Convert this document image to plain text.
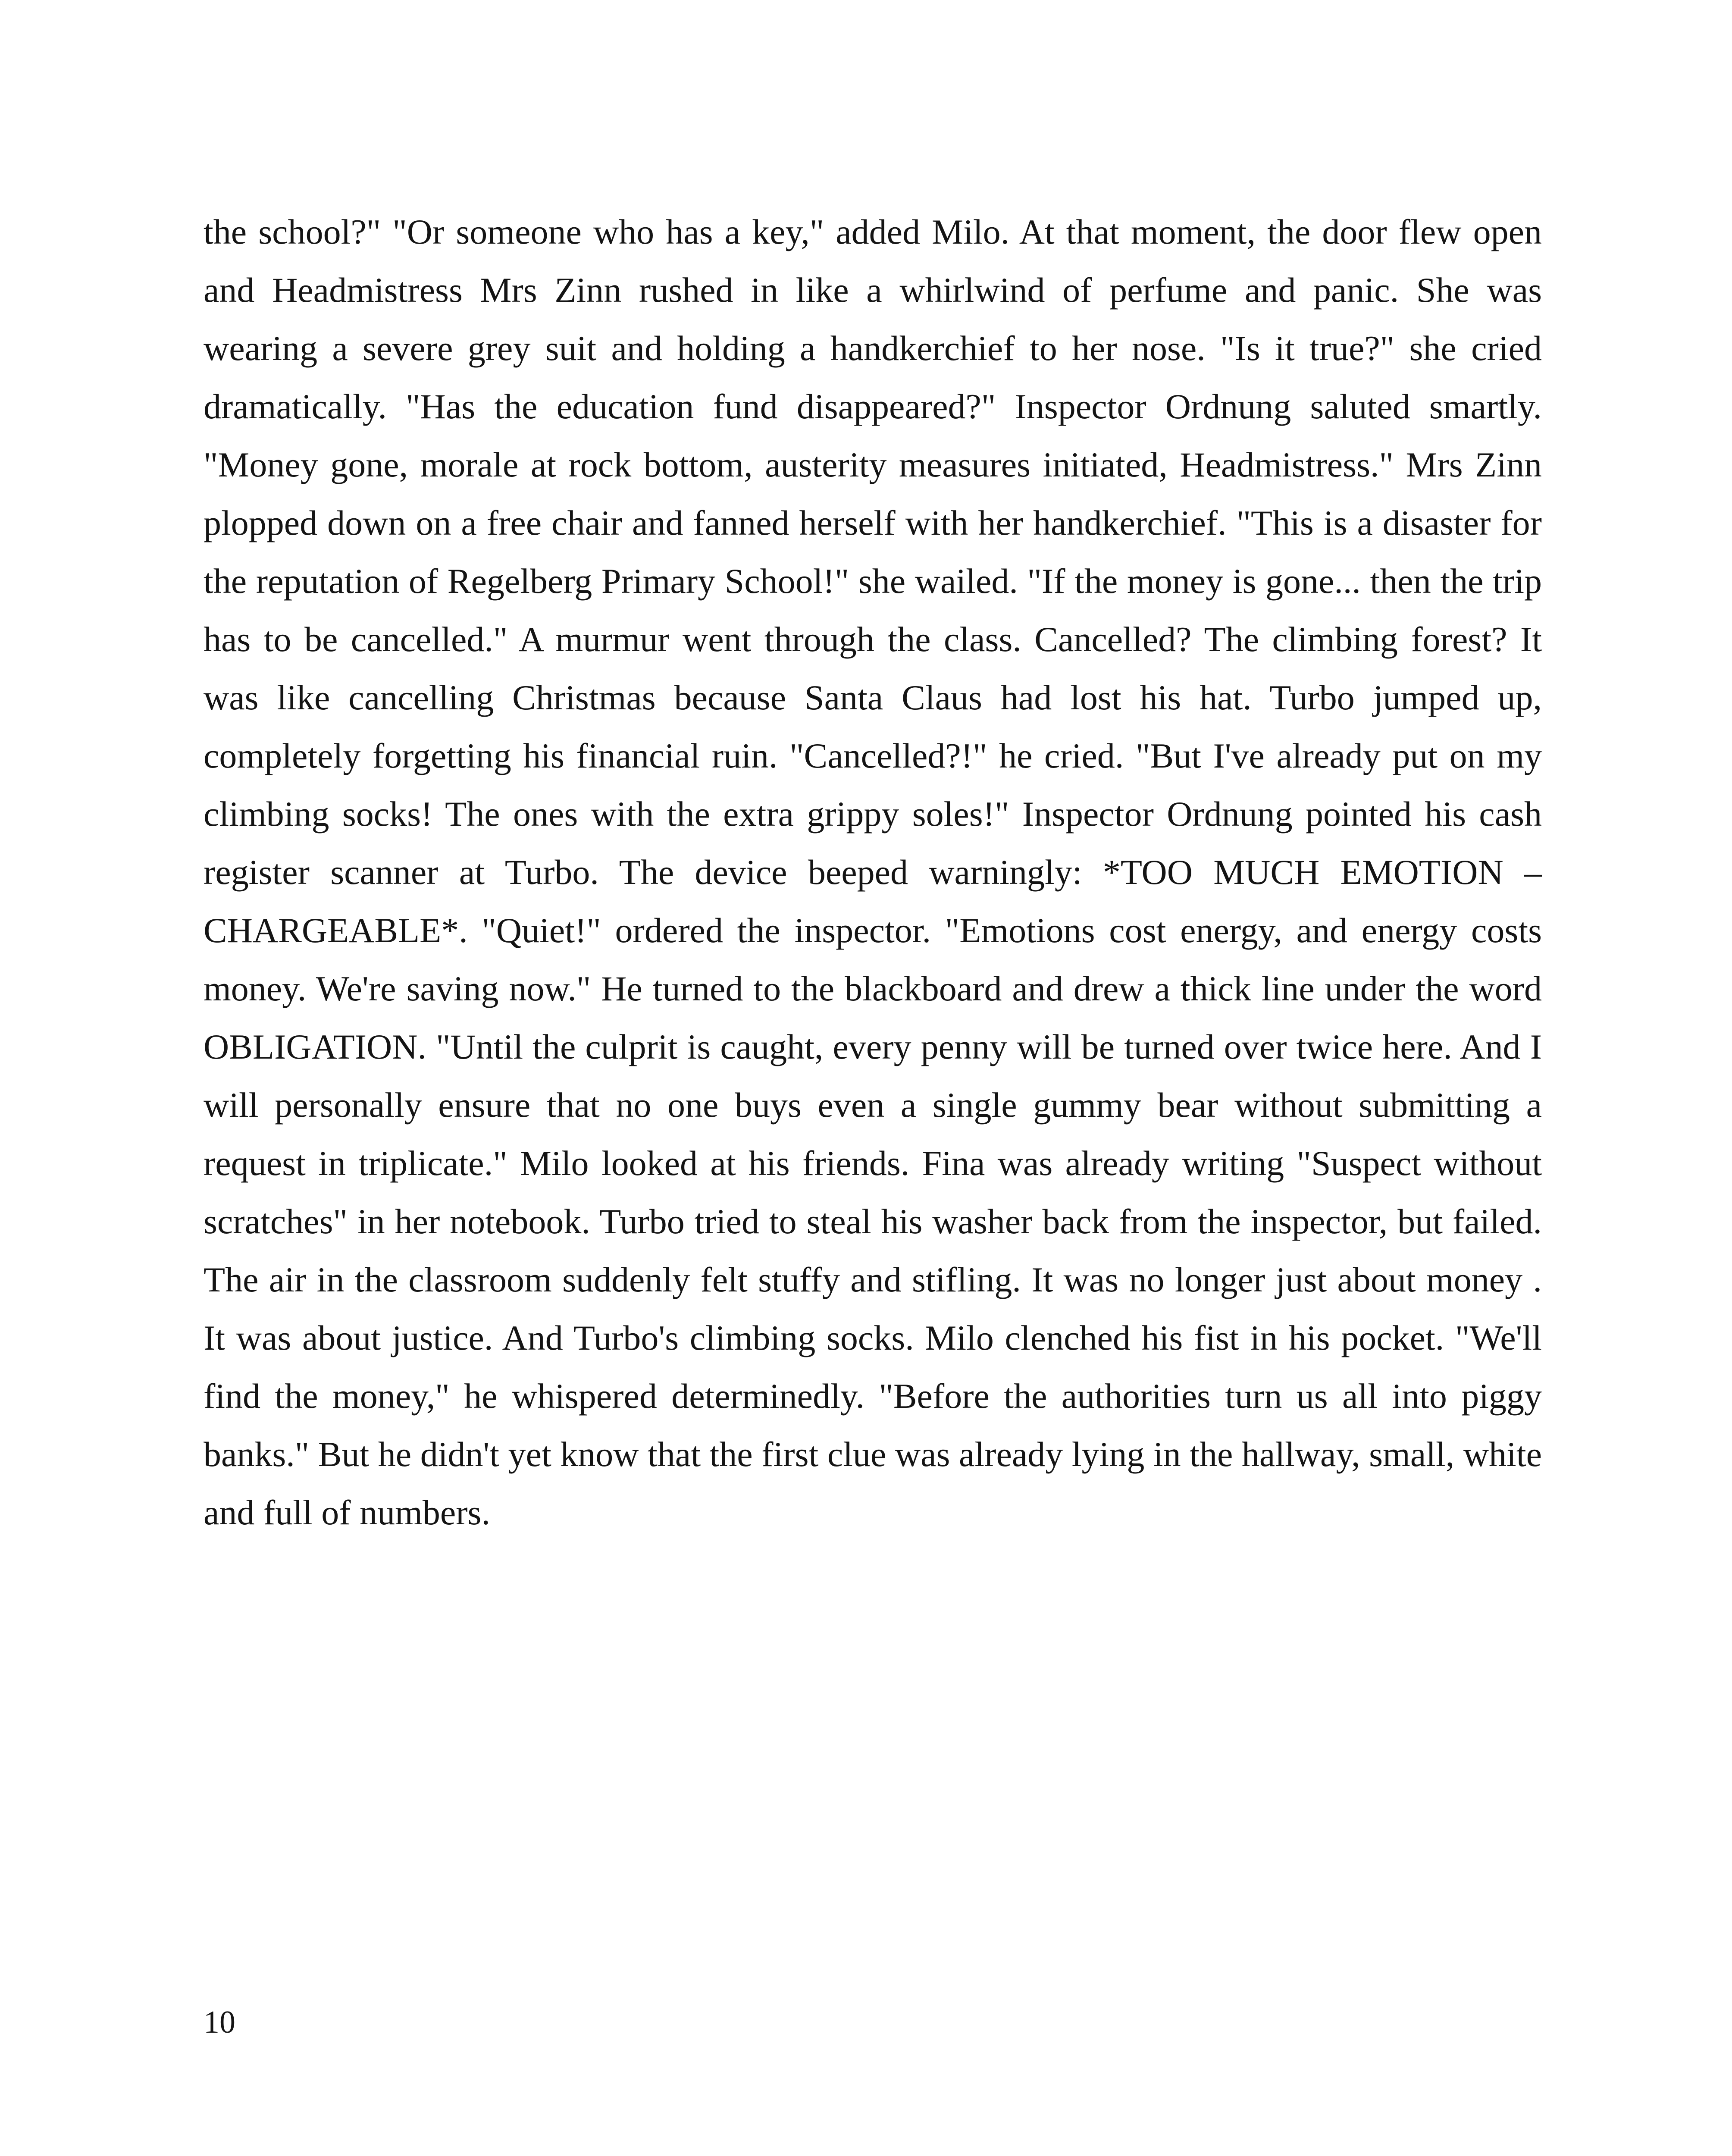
the school?" "Or someone who has a key," added Milo. At that moment, the door flew open and Headmistress Mrs Zinn rushed in like a whirlwind of perfume and panic. She was wearing a severe grey suit and holding a handkerchief to her nose. "Is it true?" she cried dramatically. "Has the education fund disappeared?" Inspector Ordnung saluted smartly. "Money gone, morale at rock bottom, austerity measures initiated, Headmistress." Mrs Zinn plopped down on a free chair and fanned herself with her handkerchief. "This is a disaster for the reputation of Regelberg Primary School!" she wailed. "If the money is gone... then the trip has to be cancelled." A murmur went through the class. Cancelled? The climbing forest? It was like cancelling Christmas because Santa Claus had lost his hat. Turbo jumped up, completely forgetting his financial ruin. "Cancelled?!" he cried. "But I've already put on my climbing socks! The ones with the extra grippy soles!" Inspector Ordnung pointed his cash register scanner at Turbo. The device beeped warningly: *TOO MUCH EMOTION – CHARGEABLE*. "Quiet!" ordered the inspector. "Emotions cost energy, and energy costs money. We're saving now." He turned to the blackboard and drew a thick line under the word OBLIGATION. "Until the culprit is caught, every penny will be turned over twice here. And I will personally ensure that no one buys even a single gummy bear without submitting a request in triplicate." Milo looked at his friends. Fina was already writing "Suspect without scratches" in her notebook. Turbo tried to steal his washer back from the inspector, but failed. The air in the classroom suddenly felt stuffy and stifling. It was no longer just about money . It was about justice. And Turbo's climbing socks. Milo clenched his fist in his pocket. "We'll find the money," he whispered determinedly. "Before the authorities turn us all into piggy banks." But he didn't yet know that the first clue was already lying in the hallway, small, white and full of numbers.

10
